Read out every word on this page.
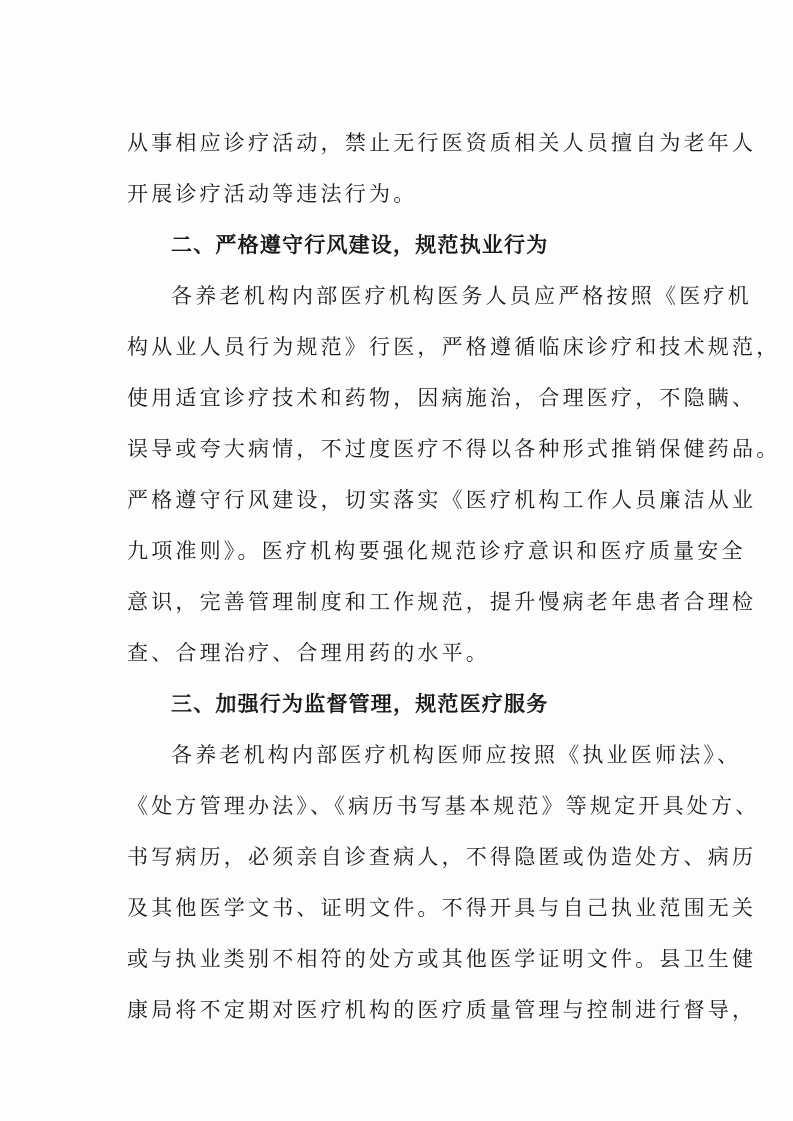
从事相应诊疗活动，禁止无行医资质相关人员擅自为老年人
开展诊疗活动等违法行为。
二、严格遵守行风建设，规范执业行为
各养老机构内部医疗机构医务人员应严格按照《医疗机
构从业人员行为规范》行医，严格遵循临床诊疗和技术规范，
使用适宜诊疗技术和药物，因病施治，合理医疗，不隐瞒、
误导或夸大病情，不过度医疗不得以各种形式推销保健药品。
严格遵守行风建设，切实落实《医疗机构工作人员廉洁从业
九项准则》。医疗机构要强化规范诊疗意识和医疗质量安全
意识，完善管理制度和工作规范，提升慢病老年患者合理检
查、合理治疗、合理用药的水平。
三、加强行为监督管理，规范医疗服务
各养老机构内部医疗机构医师应按照《执业医师法》、
《处方管理办法》、《病历书写基本规范》等规定开具处方、
书写病历，必须亲自诊查病人，不得隐匿或伪造处方、病历
及其他医学文书、证明文件。不得开具与自己执业范围无关
或与执业类别不相符的处方或其他医学证明文件。县卫生健
康局将不定期对医疗机构的医疗质量管理与控制进行督导，
